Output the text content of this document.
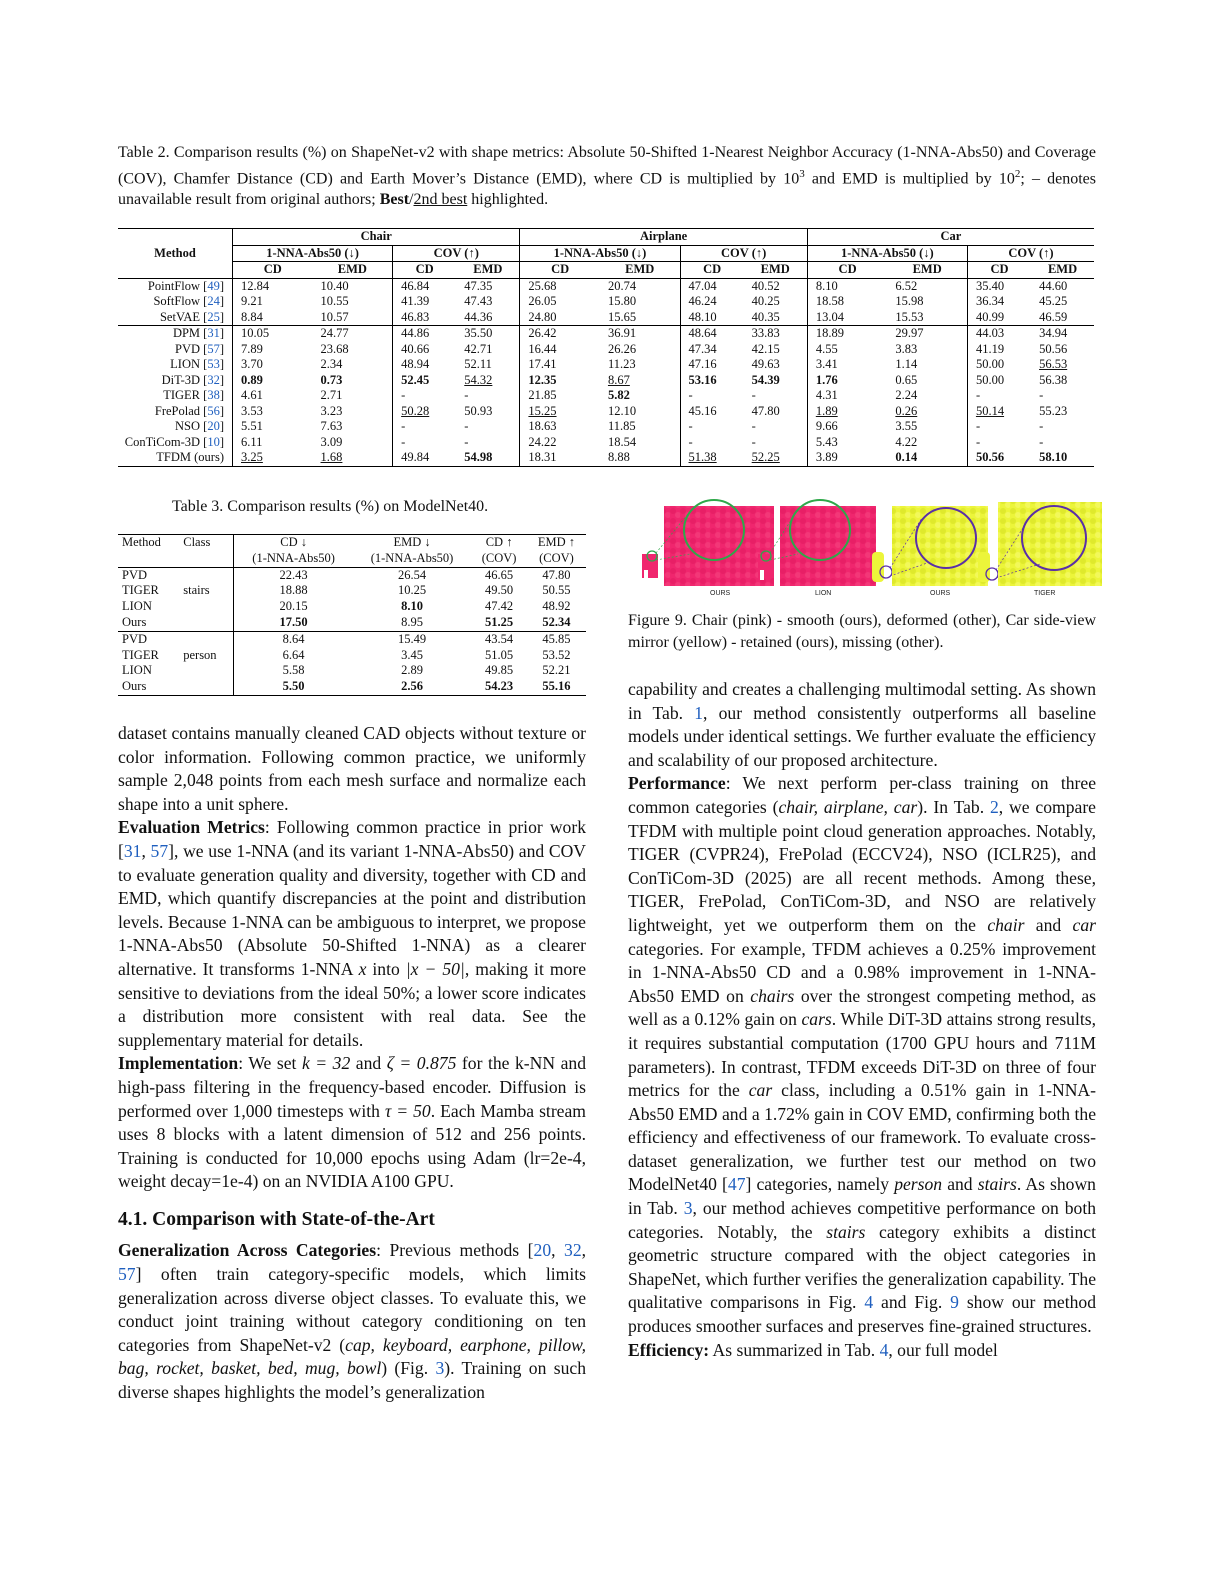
Table 2. Comparison results (%) on ShapeNet-v2 with shape metrics: Absolute 50-Shifted 1-Nearest Neighbor Accuracy (1-NNA-Abs50) and Coverage (COV), Chamfer Distance (CD) and Earth Mover’s Distance (EMD), where CD is multiplied by $10^3$ and EMD is multiplied by $10^2$; – denotes unavailable result from original authors; Best/2nd best highlighted.
Method	Chair				Airplane				Car			
	1-NNA-Abs50 (↓)		COV (↑)		1-NNA-Abs50 (↓)		COV (↑)		1-NNA-Abs50 (↓)		COV (↑)	
	CD	EMD	CD	EMD	CD	EMD	CD	EMD	CD	EMD	CD	EMD
PointFlow [49]	12.84	10.40	46.84	47.35	25.68	20.74	47.04	40.52	8.10	6.52	35.40	44.60
SoftFlow [24]	9.21	10.55	41.39	47.43	26.05	15.80	46.24	40.25	18.58	15.98	36.34	45.25
SetVAE [25]	8.84	10.57	46.83	44.36	24.80	15.65	48.10	40.35	13.04	15.53	40.99	46.59
DPM [31]	10.05	24.77	44.86	35.50	26.42	36.91	48.64	33.83	18.89	29.97	44.03	34.94
PVD [57]	7.89	23.68	40.66	42.71	16.44	26.26	47.34	42.15	4.55	3.83	41.19	50.56
LION [53]	3.70	2.34	48.94	52.11	17.41	11.23	47.16	49.63	3.41	1.14	50.00	56.53
DiT-3D [32]	0.89	0.73	52.45	54.32	12.35	8.67	53.16	54.39	1.76	0.65	50.00	56.38
TIGER [38]	4.61	2.71	-	-	21.85	5.82	-	-	4.31	2.24	-	-
FrePolad [56]	3.53	3.23	50.28	50.93	15.25	12.10	45.16	47.80	1.89	0.26	50.14	55.23
NSO [20]	5.51	7.63	-	-	18.63	11.85	-	-	9.66	3.55	-	-
ConTiCom-3D [10]	6.11	3.09	-	-	24.22	18.54	-	-	5.43	4.22	-	-
TFDM (ours)	3.25	1.68	49.84	54.98	18.31	8.88	51.38	52.25	3.89	0.14	50.56	58.10
Table 3. Comparison results (%) on ModelNet40.
Method	Class	CD ↓	EMD ↓	CD ↑	EMD ↑
		(1-NNA-Abs50)	(1-NNA-Abs50)	(COV)	(COV)
PVD		22.43	26.54	46.65	47.80
TIGER	stairs	18.88	10.25	49.50	50.55
LION		20.15	8.10	47.42	48.92
Ours		17.50	8.95	51.25	52.34
PVD		8.64	15.49	43.54	45.85
TIGER	person	6.64	3.45	51.05	53.52
LION		5.58	2.89	49.85	52.21
Ours		5.50	2.56	54.23	55.16
OURS	LION	OURS	TIGER
Figure 9. Chair (pink) - smooth (ours), deformed (other), Car side-view mirror (yellow) - retained (ours), missing (other).

dataset contains manually cleaned CAD objects without texture or color information. Following common practice, we uniformly sample 2,048 points from each mesh surface and normalize each shape into a unit sphere.

Evaluation Metrics: Following common practice in prior work [31, 57], we use 1-NNA (and its variant 1-NNA-Abs50) and COV to evaluate generation quality and diversity, together with CD and EMD, which quantify discrepancies at the point and distribution levels. Because 1-NNA can be ambiguous to interpret, we propose 1-NNA-Abs50 (Absolute 50-Shifted 1-NNA) as a clearer alternative. It transforms 1-NNA x into |x − 50|, making it more sensitive to deviations from the ideal 50%; a lower score indicates a distribution more consistent with real data. See the supplementary material for details.

Implementation: We set k = 32 and ζ = 0.875 for the k-NN and high-pass filtering in the frequency-based encoder. Diffusion is performed over 1,000 timesteps with τ = 50. Each Mamba stream uses 8 blocks with a latent dimension of 512 and 256 points. Training is conducted for 10,000 epochs using Adam (lr=2e-4, weight decay=1e-4) on an NVIDIA A100 GPU.

4.1. Comparison with State-of-the-Art

Generalization Across Categories: Previous methods [20, 32, 57] often train category-specific models, which limits generalization across diverse object classes. To evaluate this, we conduct joint training without category conditioning on ten categories from ShapeNet-v2 (cap, keyboard, earphone, pillow, bag, rocket, basket, bed, mug, bowl) (Fig. 3). Training on such diverse shapes highlights the model’s generalization

capability and creates a challenging multimodal setting. As shown in Tab. 1, our method consistently outperforms all baseline models under identical settings. We further evaluate the efficiency and scalability of our proposed architecture.

Performance: We next perform per-class training on three common categories (chair, airplane, car). In Tab. 2, we compare TFDM with multiple point cloud generation approaches. Notably, TIGER (CVPR24), FrePolad (ECCV24), NSO (ICLR25), and ConTiCom-3D (2025) are all recent methods. Among these, TIGER, FrePolad, ConTiCom-3D, and NSO are relatively lightweight, yet we outperform them on the chair and car categories. For example, TFDM achieves a 0.25% improvement in 1-NNA-Abs50 CD and a 0.98% improvement in 1-NNA-Abs50 EMD on chairs over the strongest competing method, as well as a 0.12% gain on cars. While DiT-3D attains strong results, it requires substantial computation (1700 GPU hours and 711M parameters). In contrast, TFDM exceeds DiT-3D on three of four metrics for the car class, including a 0.51% gain in 1-NNA-Abs50 EMD and a 1.72% gain in COV EMD, confirming both the efficiency and effectiveness of our framework. To evaluate cross-dataset generalization, we further test our method on two ModelNet40 [47] categories, namely person and stairs. As shown in Tab. 3, our method achieves competitive performance on both categories. Notably, the stairs category exhibits a distinct geometric structure compared with the object categories in ShapeNet, which further verifies the generalization capability. The qualitative comparisons in Fig. 4 and Fig. 9 show our method produces smoother surfaces and preserves fine-grained structures.

Efficiency: As summarized in Tab. 4, our full model
